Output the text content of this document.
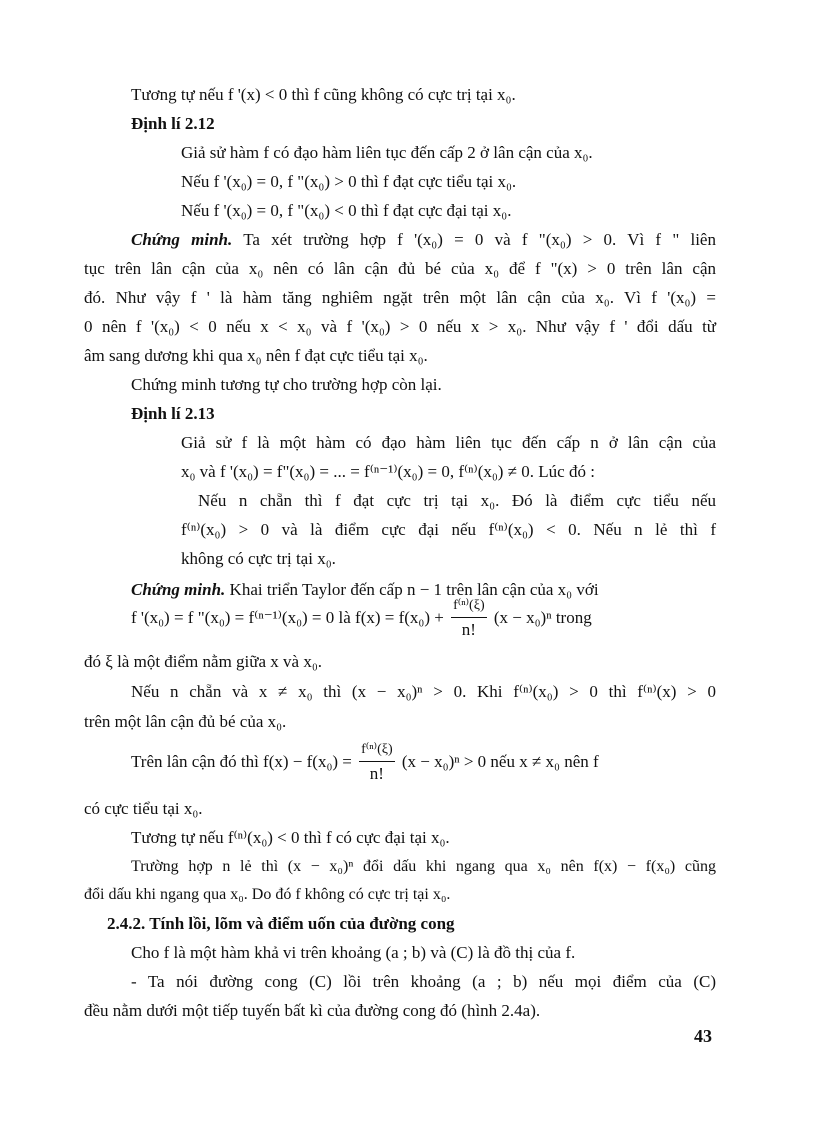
Tương tự nếu f '(x) < 0 thì f cũng không có cực trị tại x₀.
Định lí 2.12
Giả sử hàm f có đạo hàm liên tục đến cấp 2 ở lân cận của x₀.
Nếu f '(x₀) = 0, f "(x₀) > 0 thì f đạt cực tiểu tại x₀.
Nếu f '(x₀) = 0, f "(x₀) < 0 thì f đạt cực đại tại x₀.
Chứng minh. Ta xét trường hợp f '(x₀) = 0 và f "(x₀) > 0. Vì f " liên
tục trên lân cận của x₀ nên có lân cận đủ bé của x₀ để f "(x) > 0 trên lân cận
đó. Như vậy f ' là hàm tăng nghiêm ngặt trên một lân cận của x₀. Vì f '(x₀) =
0 nên f '(x₀) < 0 nếu x < x₀ và f '(x₀) > 0 nếu x > x₀. Như vậy f ' đổi dấu từ
âm sang dương khi qua x₀ nên f đạt cực tiểu tại x₀.
Chứng minh tương tự cho trường hợp còn lại.
Định lí 2.13
Giả sử f là một hàm có đạo hàm liên tục đến cấp n ở lân cận của
x₀ và f '(x₀) = f"(x₀) = ... = f⁽ⁿ⁻¹⁾(x₀) = 0, f⁽ⁿ⁾(x₀) ≠ 0. Lúc đó :
Nếu n chẵn thì f đạt cực trị tại x₀. Đó là điểm cực tiểu nếu
f⁽ⁿ⁾(x₀) > 0 và là điểm cực đại nếu f⁽ⁿ⁾(x₀) < 0. Nếu n lẻ thì f
không có cực trị tại x₀.
Chứng minh. Khai triển Taylor đến cấp n − 1 trên lân cận của x₀ với
f '(x₀) = f "(x₀) = f⁽ⁿ⁻¹⁾(x₀) = 0 là $f(x) = f(x_0) + \frac{\text{f⁽ⁿ⁾(ξ)}}{n!} (x - x_0)^n$ trong
đó ξ là một điểm nằm giữa x và x₀.
Nếu n chẵn và x ≠ x₀ thì (x − x₀)ⁿ > 0. Khi f⁽ⁿ⁾(x₀) > 0 thì f⁽ⁿ⁾(x) > 0
trên một lân cận đủ bé của x₀.
Trên lân cận đó thì $f(x) - f(x_0) = \frac{\text{f⁽ⁿ⁾(ξ)}}{n!} (x - x_0)^n > 0$ nếu x ≠ x₀ nên f
có cực tiểu tại x₀.
Tương tự nếu f⁽ⁿ⁾(x₀) < 0 thì f có cực đại tại x₀.
Trường hợp n lẻ thì (x − x₀)ⁿ đổi dấu khi ngang qua x₀ nên f(x) − f(x₀) cũng
đổi dấu khi ngang qua x₀. Do đó f không có cực trị tại x₀.
2.4.2. Tính lồi, lõm và điểm uốn của đường cong
Cho f là một hàm khả vi trên khoảng (a ; b) và (C) là đồ thị của f.
- Ta nói đường cong (C) lồi trên khoảng (a ; b) nếu mọi điểm của (C)
đều nằm dưới một tiếp tuyến bất kì của đường cong đó (hình 2.4a).
43
